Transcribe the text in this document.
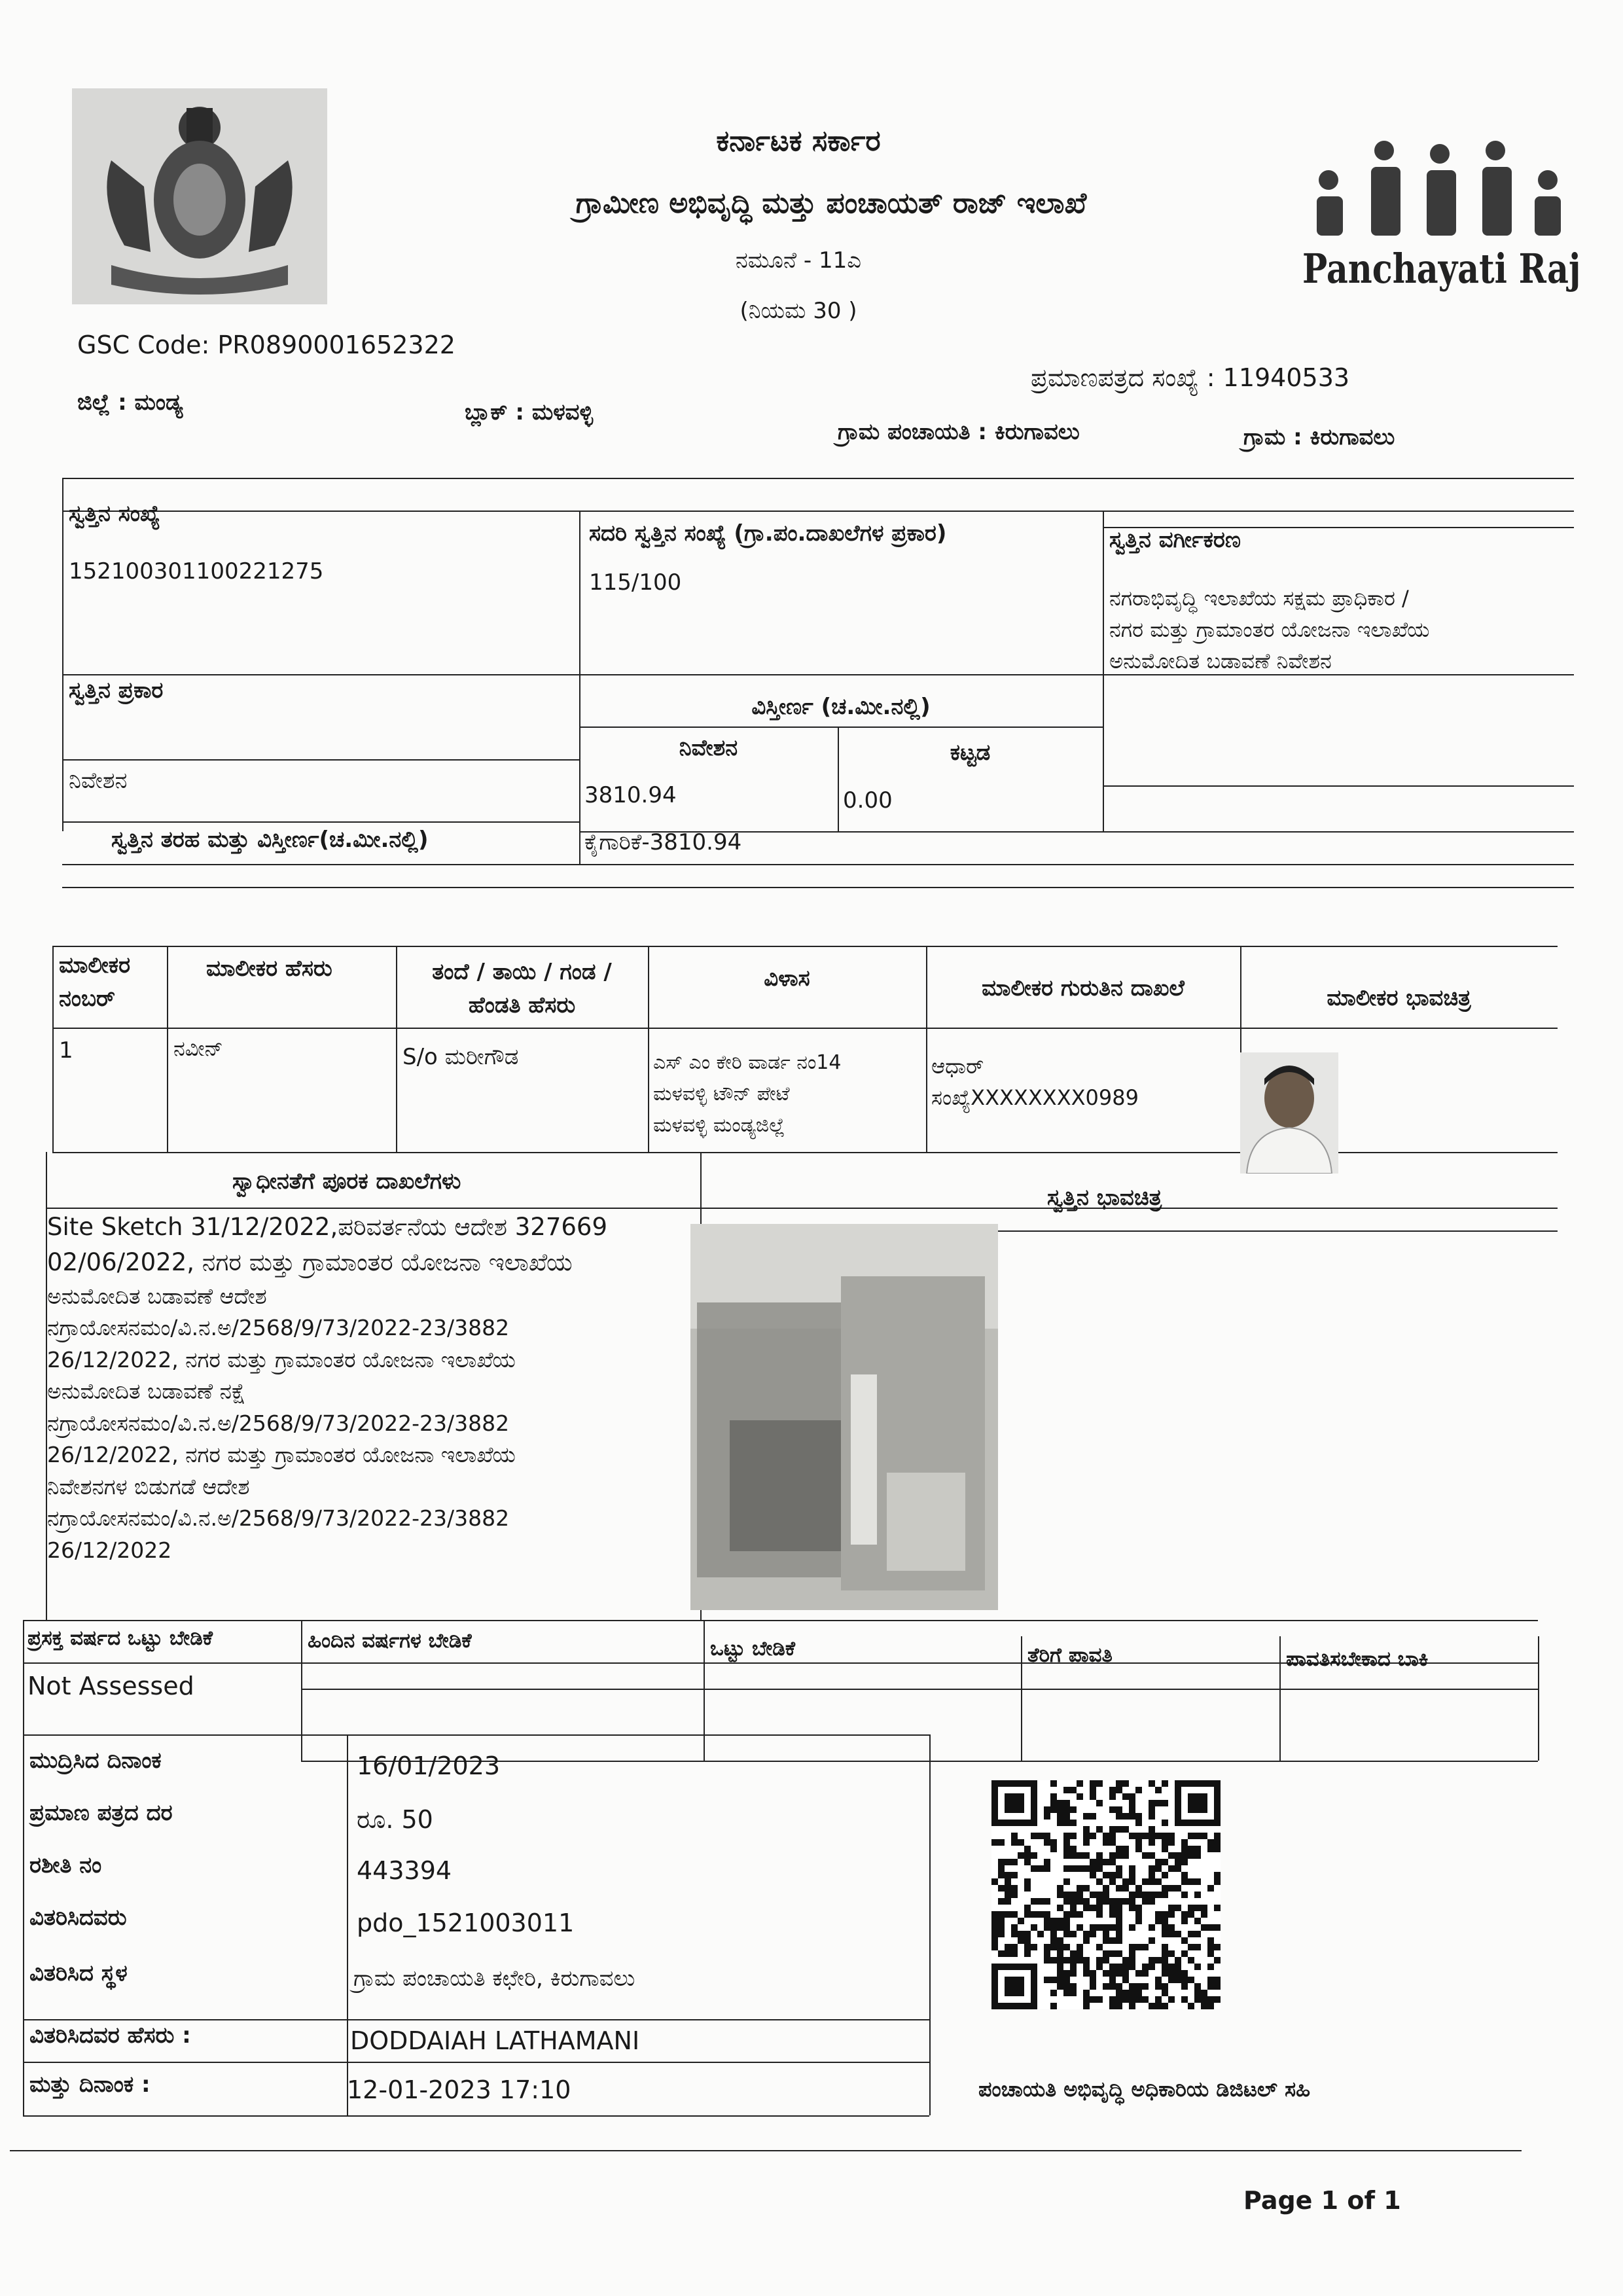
ಕರ್ನಾಟಕ ಸರ್ಕಾರ
ಗ್ರಾಮೀಣ ಅಭಿವೃದ್ಧಿ ಮತ್ತು ಪಂಚಾಯತ್ ರಾಜ್ ಇಲಾಖೆ
ನಮೂನೆ - 11ಎ
(ನಿಯಮ 30 )
Panchayati Raj
GSC Code: PR0890001652322
ಪ್ರಮಾಣಪತ್ರದ ಸಂಖ್ಯೆ : 11940533
ಜಿಲ್ಲೆ : ಮಂಡ್ಯ	ಬ್ಲಾಕ್ : ಮಳವಳ್ಳಿ
ಗ್ರಾಮ ಪಂಚಾಯತಿ : ಕಿರುಗಾವಲು	ಗ್ರಾಮ : ಕಿರುಗಾವಲು
ಸ್ವತ್ತಿನ ಸಂಖ್ಯೆ
152100301100221275
ಸದರಿ ಸ್ವತ್ತಿನ ಸಂಖ್ಯೆ (ಗ್ರಾ.ಪಂ.ದಾಖಲೆಗಳ ಪ್ರಕಾರ)
115/100
ಸ್ವತ್ತಿನ ವರ್ಗೀಕರಣ
ನಗರಾಭಿವೃದ್ಧಿ ಇಲಾಖೆಯ ಸಕ್ಷಮ ಪ್ರಾಧಿಕಾರ /
ನಗರ ಮತ್ತು ಗ್ರಾಮಾಂತರ ಯೋಜನಾ ಇಲಾಖೆಯ
ಅನುಮೋದಿತ ಬಡಾವಣೆ ನಿವೇಶನ
ಸ್ವತ್ತಿನ ಪ್ರಕಾರ
ನಿವೇಶನ
ವಿಸ್ತೀರ್ಣ (ಚ.ಮೀ.ನಲ್ಲಿ)
ನಿವೇಶನ	ಕಟ್ಟಡ
3810.94	0.00
ಸ್ವತ್ತಿನ ತರಹ ಮತ್ತು ವಿಸ್ತೀರ್ಣ(ಚ.ಮೀ.ನಲ್ಲಿ)	ಕೈಗಾರಿಕೆ-3810.94
ಮಾಲೀಕರ
ನಂಬರ್
ಮಾಲೀಕರ ಹೆಸರು	ತಂದೆ / ತಾಯಿ / ಗಂಡ /
ಹೆಂಡತಿ ಹೆಸರು
ವಿಳಾಸ	ಮಾಲೀಕರ ಗುರುತಿನ ದಾಖಲೆ	ಮಾಲೀಕರ ಭಾವಚಿತ್ರ
1	ನವೀನ್	S/o ಮರೀಗೌಡ	ಎಸ್ ಎಂ ಕೇರಿ ವಾರ್ಡ ನಂ14
ಮಳವಳ್ಳಿ ಟೌನ್ ಪೇಟೆ
ಮಳವಳ್ಳಿ ಮಂಡ್ಯಜಿಲ್ಲೆ
ಆಧಾರ್
ಸಂಖ್ಯೆXXXXXXXX0989
ಸ್ವಾಧೀನತೆಗೆ ಪೂರಕ ದಾಖಲೆಗಳು
ಸ್ವತ್ತಿನ ಭಾವಚಿತ್ರ
Site Sketch 31/12/2022,ಪರಿವರ್ತನೆಯ ಆದೇಶ 327669
02/06/2022, ನಗರ ಮತ್ತು ಗ್ರಾಮಾಂತರ ಯೋಜನಾ ಇಲಾಖೆಯ
ಅನುಮೋದಿತ ಬಡಾವಣೆ ಆದೇಶ
ನಗ್ರಾಯೋಸನಮಂ/ವಿ.ನ.ಅ/2568/9/73/2022-23/3882
26/12/2022, ನಗರ ಮತ್ತು ಗ್ರಾಮಾಂತರ ಯೋಜನಾ ಇಲಾಖೆಯ
ಅನುಮೋದಿತ ಬಡಾವಣೆ ನಕ್ಷೆ
ನಗ್ರಾಯೋಸನಮಂ/ವಿ.ನ.ಅ/2568/9/73/2022-23/3882
26/12/2022, ನಗರ ಮತ್ತು ಗ್ರಾಮಾಂತರ ಯೋಜನಾ ಇಲಾಖೆಯ
ನಿವೇಶನಗಳ ಬಿಡುಗಡೆ ಆದೇಶ
ನಗ್ರಾಯೋಸನಮಂ/ವಿ.ನ.ಅ/2568/9/73/2022-23/3882
26/12/2022
ಪ್ರಸಕ್ತ ವರ್ಷದ ಒಟ್ಟು ಬೇಡಿಕೆ	ಹಿಂದಿನ ವರ್ಷಗಳ ಬೇಡಿಕೆ	ಒಟ್ಟು ಬೇಡಿಕೆ	ತೆರಿಗೆ ಪಾವತಿ	ಪಾವತಿಸಬೇಕಾದ ಬಾಕಿ
Not Assessed
ಮುದ್ರಿಸಿದ ದಿನಾಂಕ	16/01/2023
ಪ್ರಮಾಣ ಪತ್ರದ ದರ	ರೂ. 50
ರಶೀತಿ ನಂ	443394
ವಿತರಿಸಿದವರು	pdo_1521003011
ವಿತರಿಸಿದ ಸ್ಥಳ	ಗ್ರಾಮ ಪಂಚಾಯತಿ ಕಛೇರಿ, ಕಿರುಗಾವಲು
ವಿತರಿಸಿದವರ ಹೆಸರು :	DODDAIAH LATHAMANI
ಮತ್ತು ದಿನಾಂಕ :	12-01-2023 17:10	ಪಂಚಾಯತಿ ಅಭಿವೃದ್ಧಿ ಅಧಿಕಾರಿಯ ಡಿಜಿಟಲ್ ಸಹಿ
Page 1 of 1
